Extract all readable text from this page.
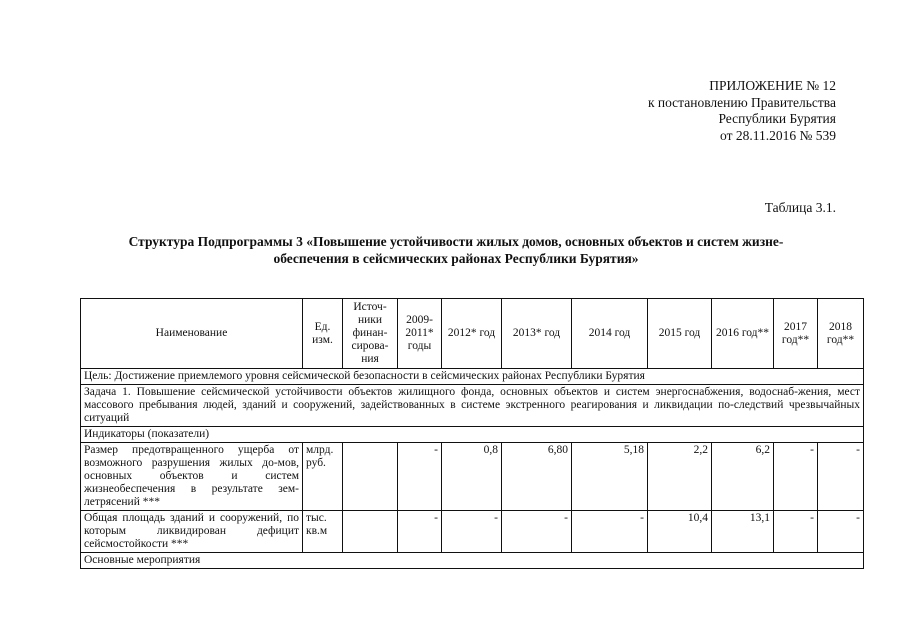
ПРИЛОЖЕНИЕ № 12
к постановлению Правительства
Республики Бурятия
от 28.11.2016 № 539
Таблица 3.1.
Структура Подпрограммы 3 «Повышение устойчивости жилых домов, основных объектов и систем жизне-
обеспечения в сейсмических районах Республики Бурятия»
Наименование	Ед. изм.	Источ-ники финан-сирова-ния	2009-2011* годы	2012* год	2013* год	2014 год	2015 год	2016 год**	2017 год**	2018 год**
Цель: Достижение приемлемого уровня сейсмической безопасности в сейсмических районах Республики Бурятия										
Задача 1. Повышение сейсмической устойчивости объектов жилищного фонда, основных объектов и систем энергоснабжения, водоснаб-жения, мест массового пребывания людей, зданий и сооружений, задействованных в системе экстренного реагирования и ликвидации по-следствий чрезвычайных ситуаций										
Индикаторы (показатели)										
Размер предотвращенного ущерба от возможного разрушения жилых до-мов, основных объектов и систем жизнеобеспечения в результате зем-летрясений ***	млрд. руб.		-	0,8	6,80	5,18	2,2	6,2	-	-
Общая площадь зданий и сооружений, по которым ликвидирован дефицит сейсмостойкости ***	тыс. кв.м		-	-	-	-	10,4	13,1	-	-
Основные мероприятия										
